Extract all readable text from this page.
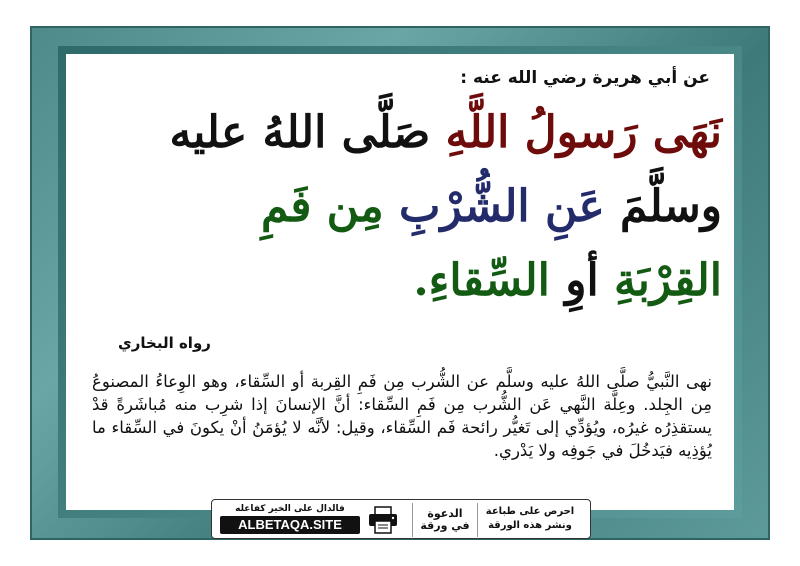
عن أبي هريرة رضي الله عنه :
نَهَى رَسولُ اللَّهِ صَلَّى اللهُ عليه
وسلَّمَ عَنِ الشُّرْبِ مِن فَمِ
القِرْبَةِ أوِ السِّقاءِ.
رواه البخاري
نهى النَّبيُّ صلَّى اللهُ عليه وسلَّم عن الشُّرب مِن فَمِ القِربة أو السِّقاء، وهو الوِعاءُ المصنوعُ مِن الجِلد. وعِلَّة النَّهي عَن الشُّرب مِن فَمِ السِّقاء: أنَّ الإنسانَ إذا شرِب منه مُباشَرةً قدْ يستقذِرُه غيرُه، ويُؤدِّي إلى تَغيُّر رائحة فَم السِّقاء، وقيل: لأنَّه لا يُؤمَنُ أنْ يكونَ في السِّقاء ما يُؤذِيه فيَدخُلَ في جَوفِه ولا يَدْري.
فالدال على الخير كفاعله
ALBETAQA.SITE
الدعوة
في ورقة
احرص على طباعة
ونشر هذه الورقة
